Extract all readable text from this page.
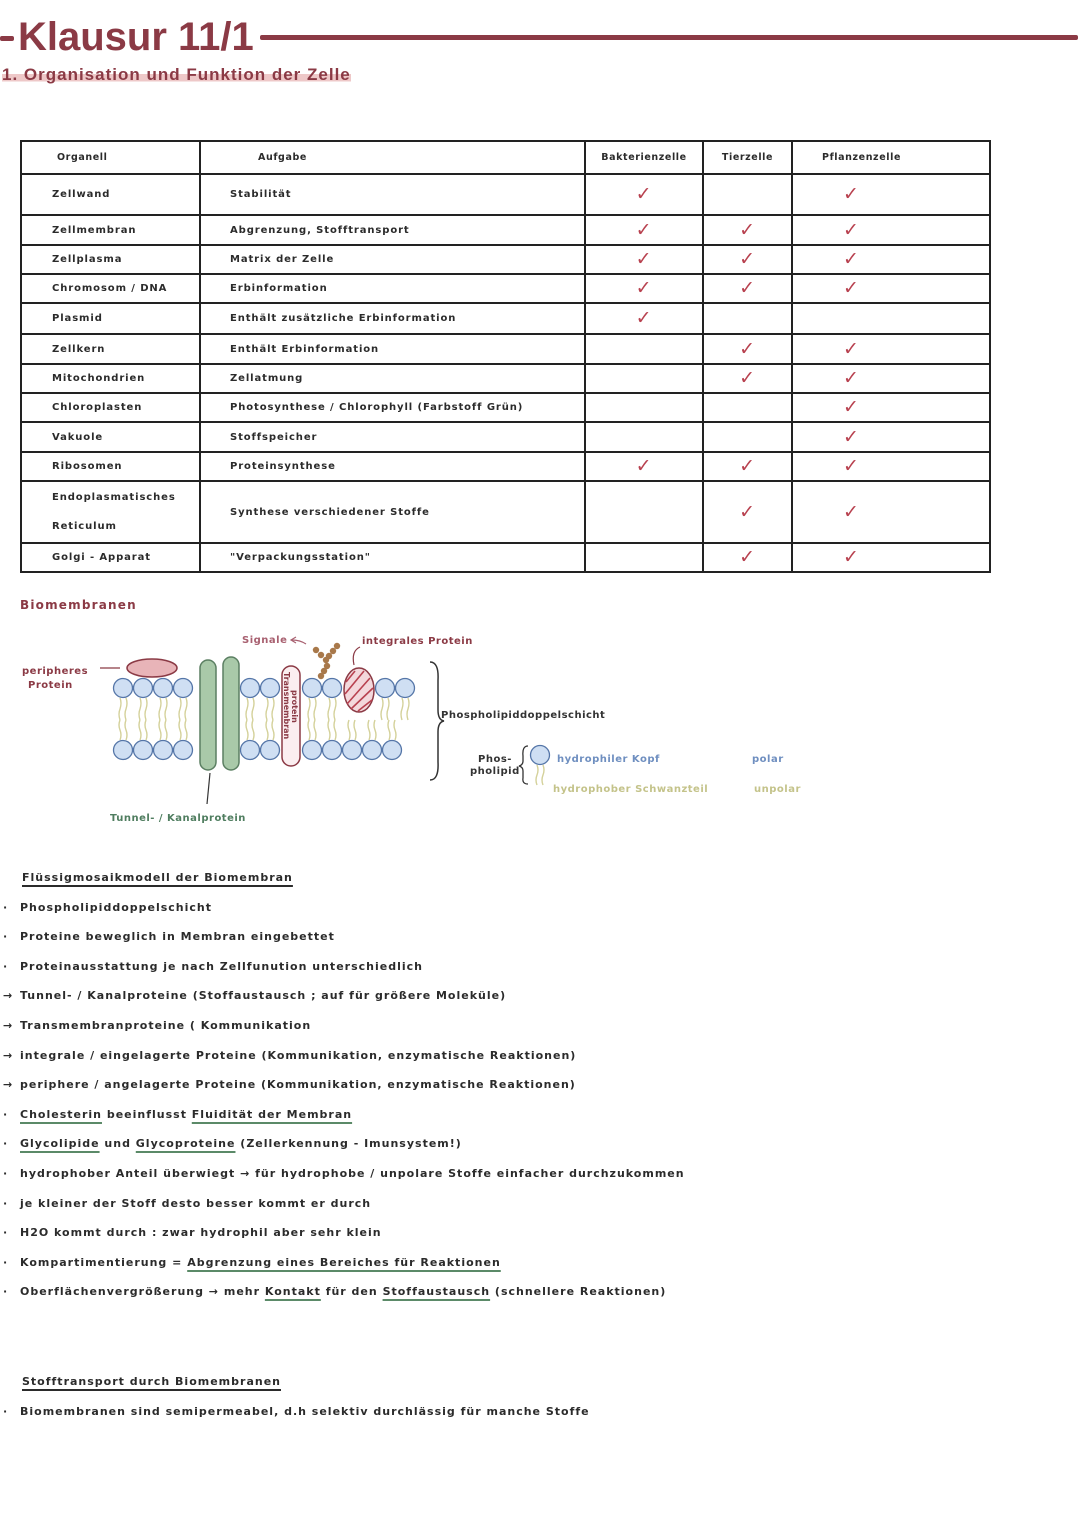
Klausur 11/1
1. Organisation und Funktion der Zelle
Organell	Aufgabe	Bakterienzelle	Tierzelle	Pflanzenzelle
Zellwand	Stabilität	✓		✓
Zellmembran	Abgrenzung, Stofftransport	✓	✓	✓
Zellplasma	Matrix der Zelle	✓	✓	✓
Chromosom / DNA	Erbinformation	✓	✓	✓
Plasmid	Enthält zusätzliche Erbinformation	✓		
Zellkern	Enthält Erbinformation		✓	✓
Mitochondrien	Zellatmung		✓	✓
Chloroplasten	Photosynthese / Chlorophyll (Farbstoff Grün)			✓
Vakuole	Stoffspeicher			✓
Ribosomen	Proteinsynthese	✓	✓	✓
Endoplasmatisches Reticulum	Synthese verschiedener Stoffe		✓	✓
Golgi - Apparat	"Verpackungsstation"		✓	✓
Biomembranen
Tunnel- / Kanalprotein
Transmembran protein
integrales Protein
peripheres
Protein
Signale
Phospholipiddoppelschicht
Phos-
pholipid
hydrophiler Kopf	polar
hydrophober Schwanzteil	unpolar
Flüssigmosaikmodell der Biomembran
· Phospholipiddoppelschicht
· Proteine beweglich in Membran eingebettet
· Proteinausstattung je nach Zellfunution unterschiedlich
→ Tunnel- / Kanalproteine (Stoffaustausch ; auf für größere Moleküle)
→ Transmembranproteine ( Kommunikation
→ integrale / eingelagerte Proteine (Kommunikation, enzymatische Reaktionen)
→ periphere / angelagerte Proteine (Kommunikation, enzymatische Reaktionen)
· Cholesterin beeinflusst Fluidität der Membran
· Glycolipide und Glycoproteine (Zellerkennung - Imunsystem!)
· hydrophober Anteil überwiegt → für hydrophobe / unpolare Stoffe einfacher durchzukommen
· je kleiner der Stoff desto besser kommt er durch
· H2O kommt durch : zwar hydrophil aber sehr klein
· Kompartimentierung = Abgrenzung eines Bereiches für Reaktionen
· Oberflächenvergrößerung → mehr Kontakt für den Stoffaustausch (schnellere Reaktionen)
Stofftransport durch Biomembranen
· Biomembranen sind semipermeabel, d.h selektiv durchlässig für manche Stoffe
